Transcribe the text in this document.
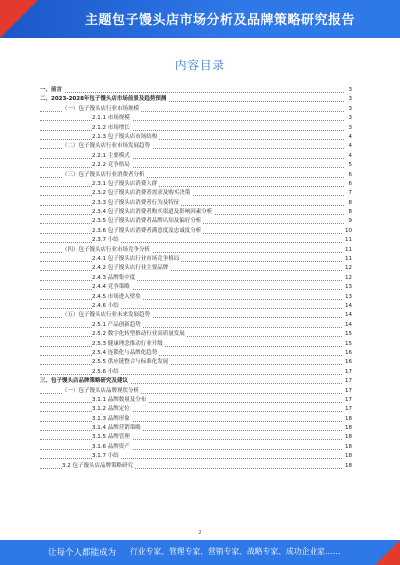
主题包子馒头店市场分析及品牌策略研究报告
内容目录
一、前言	3
二、2023-2028年包子馒头店市场前景及趋势预测	3
（一）包子馒头店行业市场规模	3
2.1.1 市场规模	3
2.1.2 市场增长	3
2.1.3 包子馒头店市场结构	4
（二）包子馒头店行业市场发展趋势	4
2.2.1 主要模式	4
2.2.2 竞争格局	5
（三）包子馒头店行业消费者分析	6
2.3.1 包子馒头店消费人群	6
2.3.2 包子馒头店消费者需求及购买决策	7
2.3.3 包子馒头店消费者行为及特征	8
2.3.4 包子馒头店消费者购买渠道及影响因素分析	8
2.3.5 包子馒头店消费者品牌认知及偏好分析	9
2.3.6 包子馒头店消费者满意度及忠诚度分析	10
2.3.7 小结	11
（四）包子馒头店行业市场竞争分析	11
2.4.1 包子馒头店行业市场竞争格局	11
2.4.2 包子馒头店行业主要品牌	12
2.4.3 品牌集中度	12
2.4.4 竞争策略	13
2.4.5 市场进入壁垒	13
2.4.6 小结	14
（五）包子馒头店行业未来发展趋势	14
2.5.1 产品创新趋势	14
2.5.2 数字化转型推动行业高质量发展	15
2.5.3 健康理念推动行业升级	15
2.5.4 连锁化与品牌化趋势	16
2.5.5 供应链整合与标准化发展	16
2.5.6 小结	17
三、包子馒头店品牌策略研究及建议	17
（一）包子馒头店品牌现状分析	17
3.1.1 品牌数量及分布	17
3.1.2 品牌定位	17
3.1.3 品牌形象	18
3.1.4 品牌营销策略	18
3.1.5 品牌管理	18
3.1.6 品牌资产	18
3.1.7 小结	18
3.2 包子馒头店品牌策略研究	18
2
让每个人都能成为 行业专家、管理专家、营销专家、战略专家、成功企业家……
